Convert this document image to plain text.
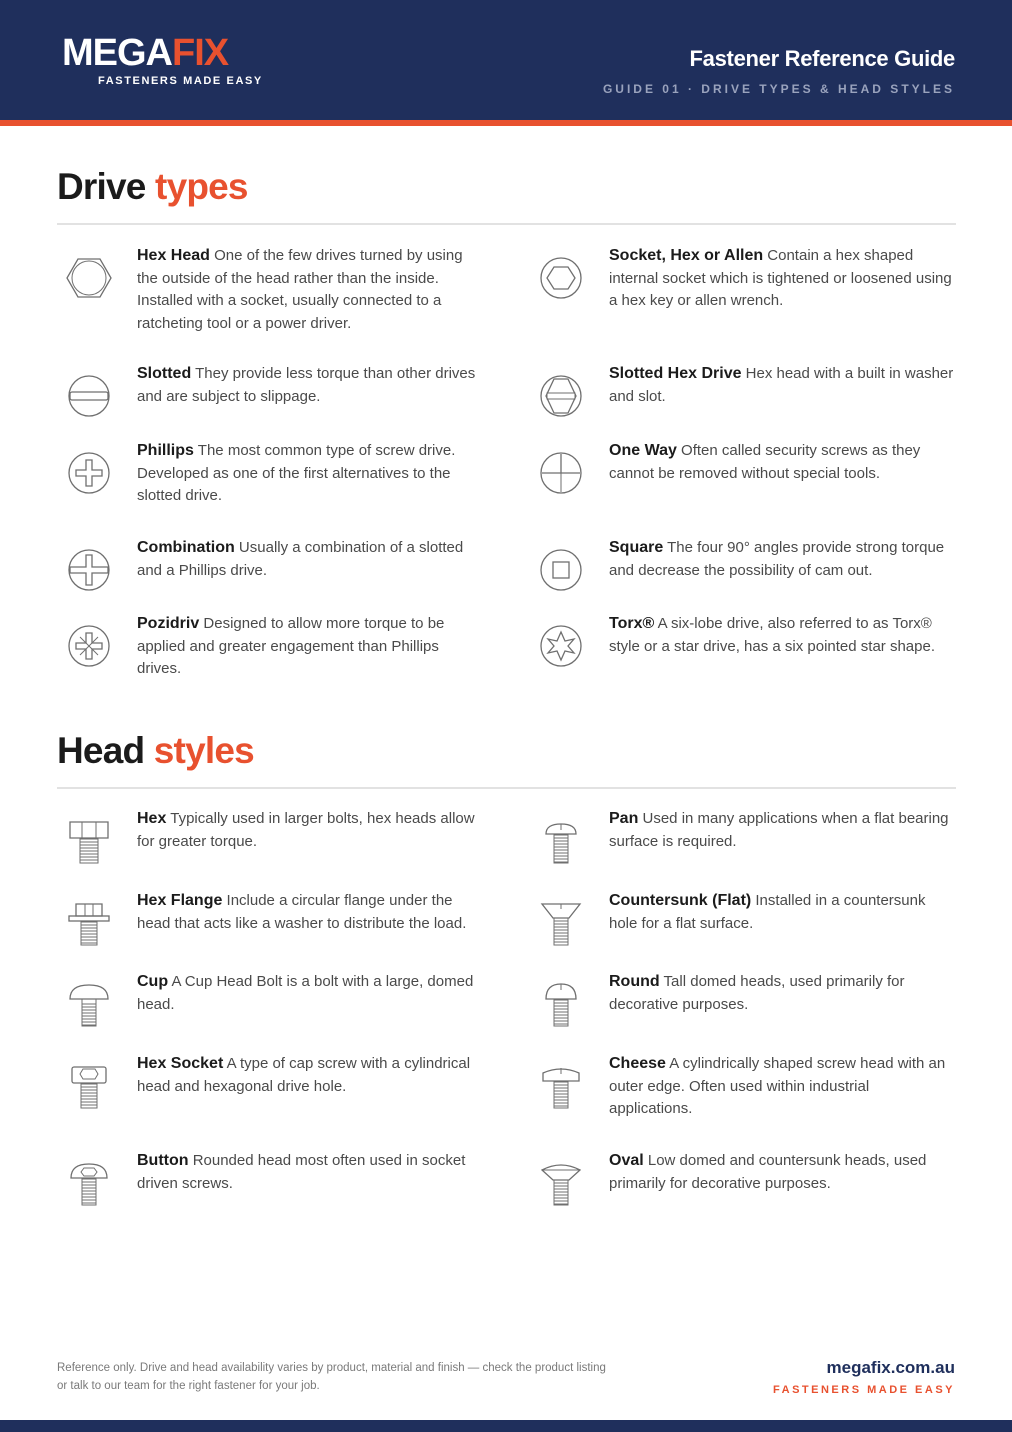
MEGAFIX
FASTENERS MADE EASY
Fastener Reference Guide
GUIDE 01 · DRIVE TYPES & HEAD STYLES
Drive types
Hex Head One of the few drives turned by using the outside of the head rather than the inside. Installed with a socket, usually connected to a ratcheting tool or a power driver.
Socket, Hex or Allen Contain a hex shaped internal socket which is tightened or loosened using a hex key or allen wrench.
Slotted They provide less torque than other drives and are subject to slippage.
Slotted Hex Drive Hex head with a built in washer and slot.
Phillips The most common type of screw drive. Developed as one of the first alternatives to the slotted drive.
One Way Often called security screws as they cannot be removed without special tools.
Combination Usually a combination of a slotted and a Phillips drive.
Square The four 90° angles provide strong torque and decrease the possibility of cam out.
Pozidriv Designed to allow more torque to be applied and greater engagement than Phillips drives.
Torx® A six-lobe drive, also referred to as Torx® style or a star drive, has a six pointed star shape.
Head styles
Hex Typically used in larger bolts, hex heads allow for greater torque.
Pan Used in many applications when a flat bearing surface is required.
Hex Flange Include a circular flange under the head that acts like a washer to distribute the load.
Countersunk (Flat) Installed in a countersunk hole for a flat surface.
Cup A Cup Head Bolt is a bolt with a large, domed head.
Round Tall domed heads, used primarily for decorative purposes.
Hex Socket A type of cap screw with a cylindrical head and hexagonal drive hole.
Cheese A cylindrically shaped screw head with an outer edge. Often used within industrial applications.
Button Rounded head most often used in socket driven screws.
Oval Low domed and countersunk heads, used primarily for decorative purposes.
Reference only. Drive and head availability varies by product, material and finish — check the product listing or talk to our team for the right fastener for your job.
megafix.com.au
FASTENERS MADE EASY
